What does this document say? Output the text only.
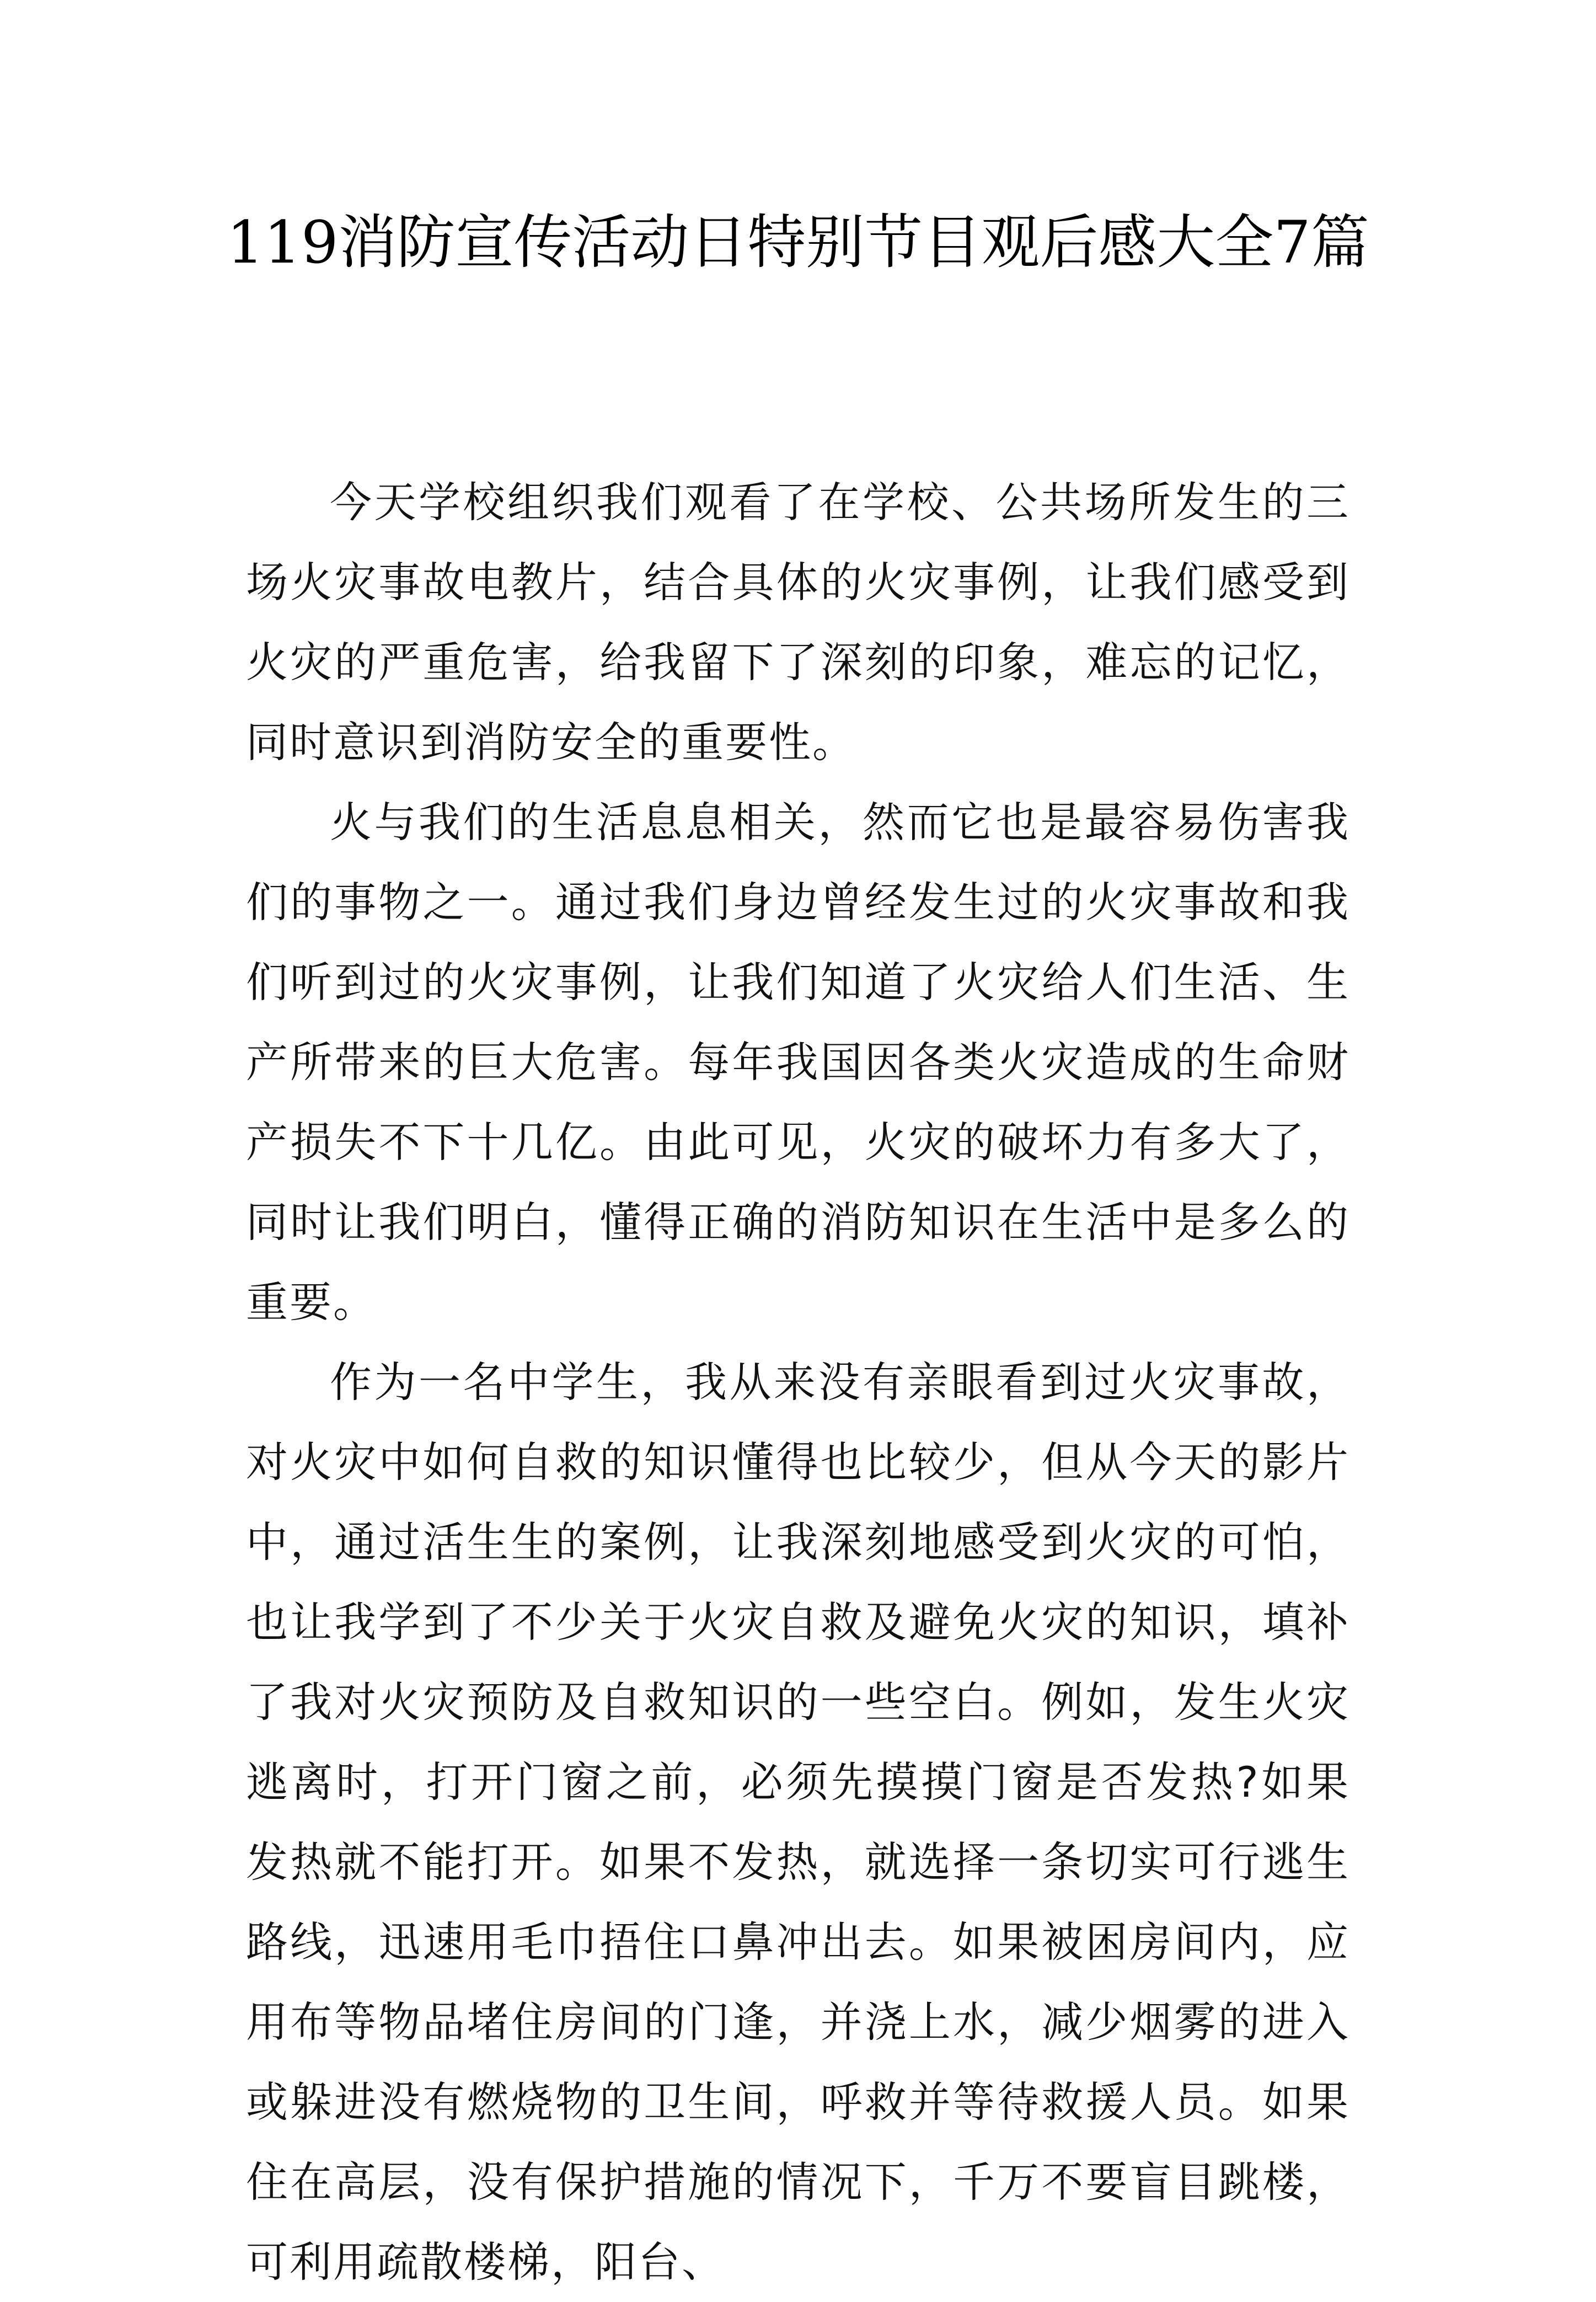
119消防宣传活动日特别节目观后感大全7篇

今天学校组织我们观看了在学校、公共场所发生的三场火灾事故电教片，结合具体的火灾事例，让我们感受到火灾的严重危害，给我留下了深刻的印象，难忘的记忆，同时意识到消防安全的重要性。

火与我们的生活息息相关，然而它也是最容易伤害我们的事物之一。通过我们身边曾经发生过的火灾事故和我们听到过的火灾事例，让我们知道了火灾给人们生活、生产所带来的巨大危害。每年我国因各类火灾造成的生命财产损失不下十几亿。由此可见，火灾的破坏力有多大了，同时让我们明白，懂得正确的消防知识在生活中是多么的重要。

作为一名中学生，我从来没有亲眼看到过火灾事故，对火灾中如何自救的知识懂得也比较少，但从今天的影片中，通过活生生的案例，让我深刻地感受到火灾的可怕，也让我学到了不少关于火灾自救及避免火灾的知识，填补了我对火灾预防及自救知识的一些空白。例如，发生火灾逃离时，打开门窗之前，必须先摸摸门窗是否发热?如果发热就不能打开。如果不发热，就选择一条切实可行逃生路线，迅速用毛巾捂住口鼻冲出去。如果被困房间内，应用布等物品堵住房间的门逢，并浇上水，减少烟雾的进入或躲进没有燃烧物的卫生间，呼救并等待救援人员。如果住在高层，没有保护措施的情况下，千万不要盲目跳楼，可利用疏散楼梯，阳台、
